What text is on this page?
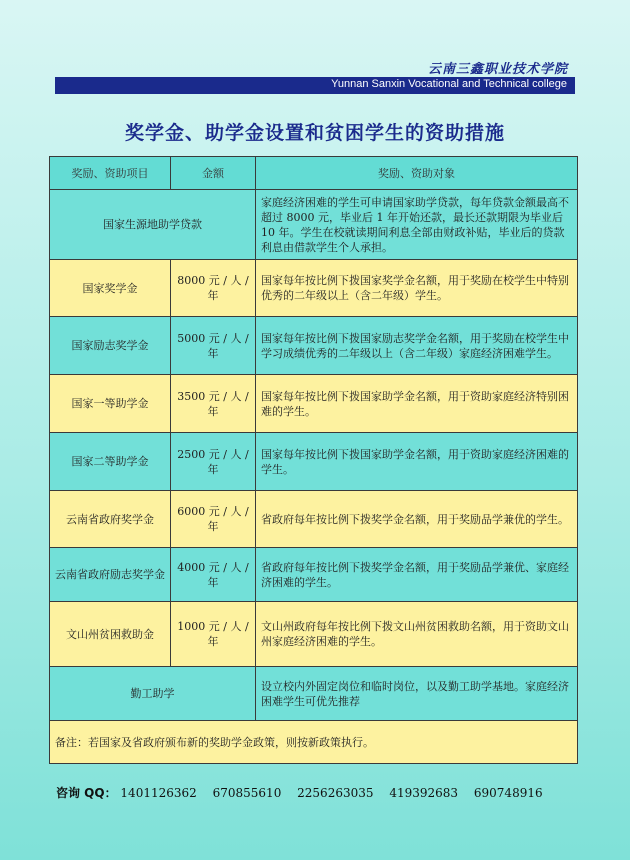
云南三鑫职业技术学院
Yunnan Sanxin Vocational and Technical college
奖学金、助学金设置和贫困学生的资助措施
奖励、资助项目	金额	奖励、资助对象
国家生源地助学贷款		家庭经济困难的学生可申请国家助学贷款，每年贷款金额最高不超过 8000 元，毕业后 1 年开始还款，最长还款期限为毕业后 10 年。学生在校就读期间利息全部由财政补贴，毕业后的贷款利息由借款学生个人承担。
国家奖学金	8000 元 / 人 / 年	国家每年按比例下拨国家奖学金名额，用于奖励在校学生中特别优秀的二年级以上（含二年级）学生。
国家励志奖学金	5000 元 / 人 / 年	国家每年按比例下拨国家励志奖学金名额，用于奖励在校学生中学习成绩优秀的二年级以上（含二年级）家庭经济困难学生。
国家一等助学金	3500 元 / 人 / 年	国家每年按比例下拨国家助学金名额，用于资助家庭经济特别困难的学生。
国家二等助学金	2500 元 / 人 / 年	国家每年按比例下拨国家助学金名额，用于资助家庭经济困难的学生。
云南省政府奖学金	6000 元 / 人 / 年	省政府每年按比例下拨奖学金名额，用于奖励品学兼优的学生。
云南省政府励志奖学金	4000 元 / 人 / 年	省政府每年按比例下拨奖学金名额，用于奖励品学兼优、家庭经济困难的学生。
文山州贫困救助金	1000 元 / 人 / 年	文山州政府每年按比例下拨文山州贫困救助名额，用于资助文山州家庭经济困难的学生。
勤工助学		设立校内外固定岗位和临时岗位，以及勤工助学基地。家庭经济困难学生可优先推荐
备注：若国家及省政府颁布新的奖助学金政策，则按新政策执行。		
咨询 QQ： 1401126362 670855610 2256263035 419392683 690748916
